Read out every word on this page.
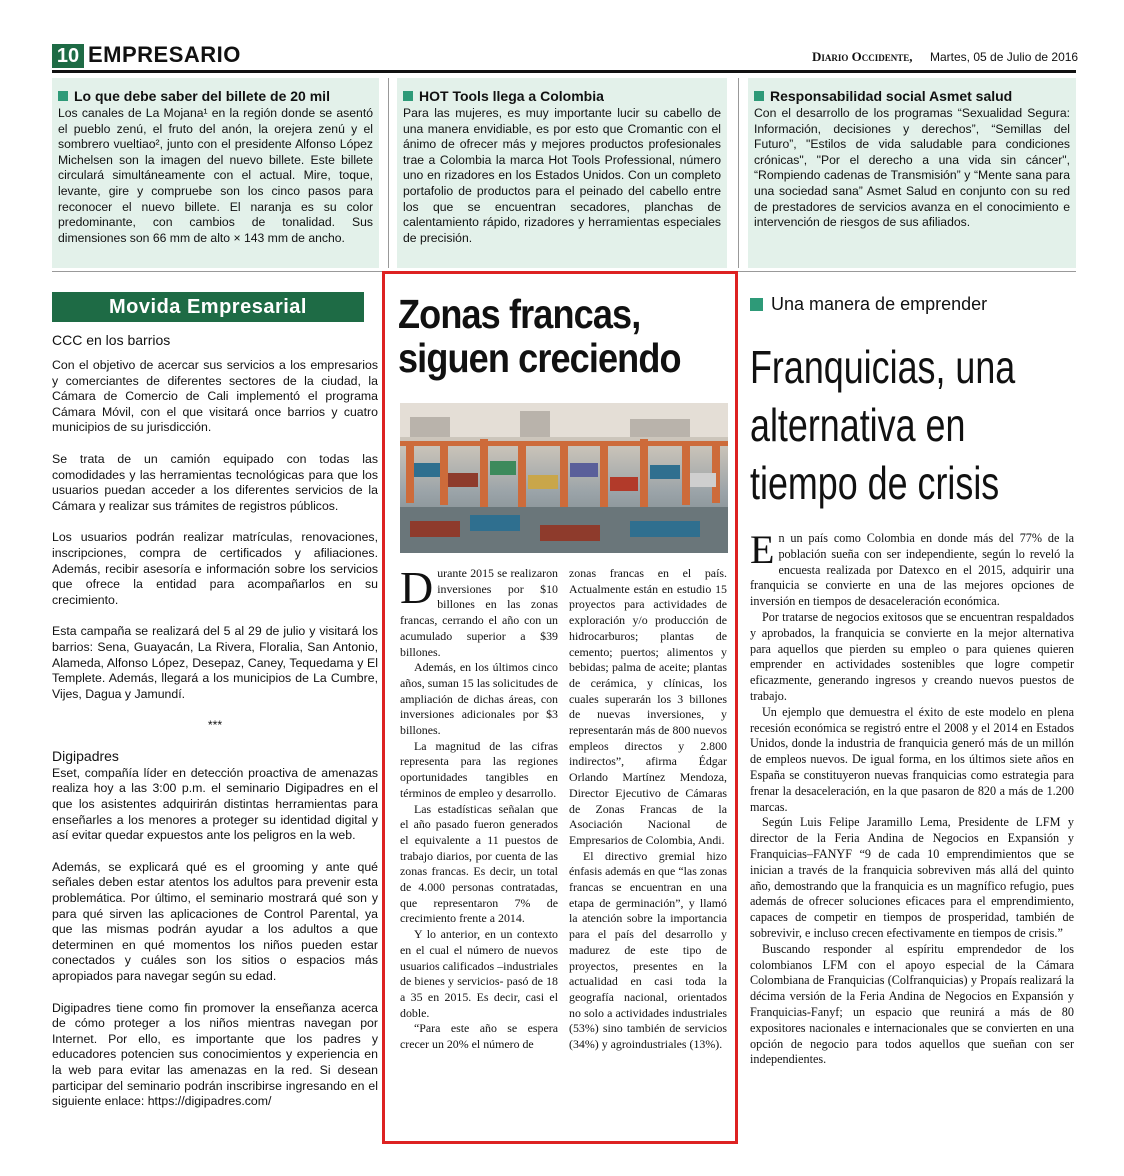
10 EMPRESARIO	Diario Occidente, Martes, 05 de Julio de 2016
Lo que debe saber del billete de 20 mil

Los canales de La Mojana¹ en la región donde se asentó el pueblo zenú, el fruto del anón, la orejera zenú y el sombrero vueltiao², junto con el presidente Alfonso López Michelsen son la imagen del nuevo billete. Este billete circulará simultáneamente con el actual. Mire, toque, levante, gire y compruebe son los cinco pasos para reconocer el nuevo billete. El naranja es su color predominante, con cambios de tonalidad. Sus dimensiones son 66 mm de alto × 143 mm de ancho.

HOT Tools llega a Colombia

Para las mujeres, es muy importante lucir su cabello de una manera envidiable, es por esto que Cromantic con el ánimo de ofrecer más y mejores productos profesionales trae a Colombia la marca Hot Tools Professional, número uno en rizadores en los Estados Unidos. Con un completo portafolio de productos para el peinado del cabello entre los que se encuentran secadores, planchas de calentamiento rápido, rizadores y herramientas especiales de precisión.

Responsabilidad social Asmet salud

Con el desarrollo de los programas “Sexualidad Segura: Información, decisiones y derechos”, “Semillas del Futuro”, "Estilos de vida saludable para condiciones crónicas", "Por el derecho a una vida sin cáncer", “Rompiendo cadenas de Transmisión” y “Mente sana para una sociedad sana” Asmet Salud en conjunto con su red de prestadores de servicios avanza en el conocimiento e intervención de riesgos de sus afiliados.

Movida Empresarial
CCC en los barrios

Con el objetivo de acercar sus servicios a los empresarios y comerciantes de diferentes sectores de la ciudad, la Cámara de Comercio de Cali implementó el programa Cámara Móvil, con el que visitará once barrios y cuatro municipios de su jurisdicción.

Se trata de un camión equipado con todas las comodidades y las herramientas tecnológicas para que los usuarios puedan acceder a los diferentes servicios de la Cámara y realizar sus trámites de registros públicos.

Los usuarios podrán realizar matrículas, renovaciones, inscripciones, compra de certificados y afiliaciones. Además, recibir asesoría e información sobre los servicios que ofrece la entidad para acompañarlos en su crecimiento.

Esta campaña se realizará del 5 al 29 de julio y visitará los barrios: Sena, Guayacán, La Rivera, Floralia, San Antonio, Alameda, Alfonso López, Desepaz, Caney, Tequedama y El Templete. Además, llegará a los municipios de La Cumbre, Vijes, Dagua y Jamundí.

***
Digipadres

Eset, compañía líder en detección proactiva de amenazas realiza hoy a las 3:00 p.m. el seminario Digipadres en el que los asistentes adquirirán distintas herramientas para enseñarles a los menores a proteger su identidad digital y así evitar quedar expuestos ante los peligros en la web.

Además, se explicará qué es el grooming y ante qué señales deben estar atentos los adultos para prevenir esta problemática. Por último, el seminario mostrará qué son y para qué sirven las aplicaciones de Control Parental, ya que las mismas podrán ayudar a los adultos a que determinen en qué momentos los niños pueden estar conectados y cuáles son los sitios o espacios más apropiados para navegar según su edad.

Digipadres tiene como fin promover la enseñanza acerca de cómo proteger a los niños mientras navegan por Internet. Por ello, es importante que los padres y educadores potencien sus conocimientos y experiencia en la web para evitar las amenazas en la red. Si desean participar del seminario podrán inscribirse ingresando en el siguiente enlace: https://digipadres.com/

Zonas francas,
siguen creciendo

Durante 2015 se realizaron inversiones por $10 billones en las zonas francas, cerrando el año con un acumulado superior a $39 billones.

Además, en los últimos cinco años, suman 15 las solicitudes de ampliación de dichas áreas, con inversiones adicionales por $3 billones.

La magnitud de las cifras representa para las regiones oportunidades tangibles en términos de empleo y desarrollo.

Las estadísticas señalan que el año pasado fueron generados el equivalente a 11 puestos de trabajo diarios, por cuenta de las zonas francas. Es decir, un total de 4.000 personas contratadas, que representaron 7% de crecimiento frente a 2014.

Y lo anterior, en un contexto en el cual el número de nuevos usuarios calificados –industriales de bienes y servicios- pasó de 18 a 35 en 2015. Es decir, casi el doble.

“Para este año se espera crecer un 20% el número de

zonas francas en el país. Actualmente están en estudio 15 proyectos para actividades de exploración y/o producción de hidrocarburos; plantas de cemento; puertos; alimentos y bebidas; palma de aceite; plantas de cerámica, y clínicas, los cuales superarán los 3 billones de nuevas inversiones, y representarán más de 800 nuevos empleos directos y 2.800 indirectos”, afirma Édgar Orlando Martínez Mendoza, Director Ejecutivo de Cámaras de Zonas Francas de la Asociación Nacional de Empresarios de Colombia, Andi.

El directivo gremial hizo énfasis además en que “las zonas francas se encuentran en una etapa de germinación”, y llamó la atención sobre la importancia para el país del desarrollo y madurez de este tipo de proyectos, presentes en la actualidad en casi toda la geografía nacional, orientados no solo a actividades industriales (53%) sino también de servicios (34%) y agroindustriales (13%).

Una manera de emprender
Franquicias, una
alternativa en
tiempo de crisis

En un país como Colombia en donde más del 77% de la población sueña con ser independiente, según lo reveló la encuesta realizada por Datexco en el 2015, adquirir una franquicia se convierte en una de las mejores opciones de inversión en tiempos de desaceleración económica.

Por tratarse de negocios exitosos que se encuentran respaldados y aprobados, la franquicia se convierte en la mejor alternativa para aquellos que pierden su empleo o para quienes quieren emprender en actividades sostenibles que logre competir eficazmente, generando ingresos y creando nuevos puestos de trabajo.

Un ejemplo que demuestra el éxito de este modelo en plena recesión económica se registró entre el 2008 y el 2014 en Estados Unidos, donde la industria de franquicia generó más de un millón de empleos nuevos. De igual forma, en los últimos siete años en España se constituyeron nuevas franquicias como estrategia para frenar la desaceleración, en la que pasaron de 820 a más de 1.200 marcas.

Según Luis Felipe Jaramillo Lema, Presidente de LFM y director de la Feria Andina de Negocios en Expansión y Franquicias–FANYF “9 de cada 10 emprendimientos que se inician a través de la franquicia sobreviven más allá del quinto año, demostrando que la franquicia es un magnífico refugio, pues además de ofrecer soluciones eficaces para el emprendimiento, capaces de competir en tiempos de prosperidad, también de sobrevivir, e incluso crecen efectivamente en tiempos de crisis.”

Buscando responder al espíritu emprendedor de los colombianos LFM con el apoyo especial de la Cámara Colombiana de Franquicias (Colfranquicias) y Propaís realizará la décima versión de la Feria Andina de Negocios en Expansión y Franquicias-Fanyf; un espacio que reunirá a más de 80 expositores nacionales e internacionales que se convierten en una opción de negocio para todos aquellos que sueñan con ser independientes.
